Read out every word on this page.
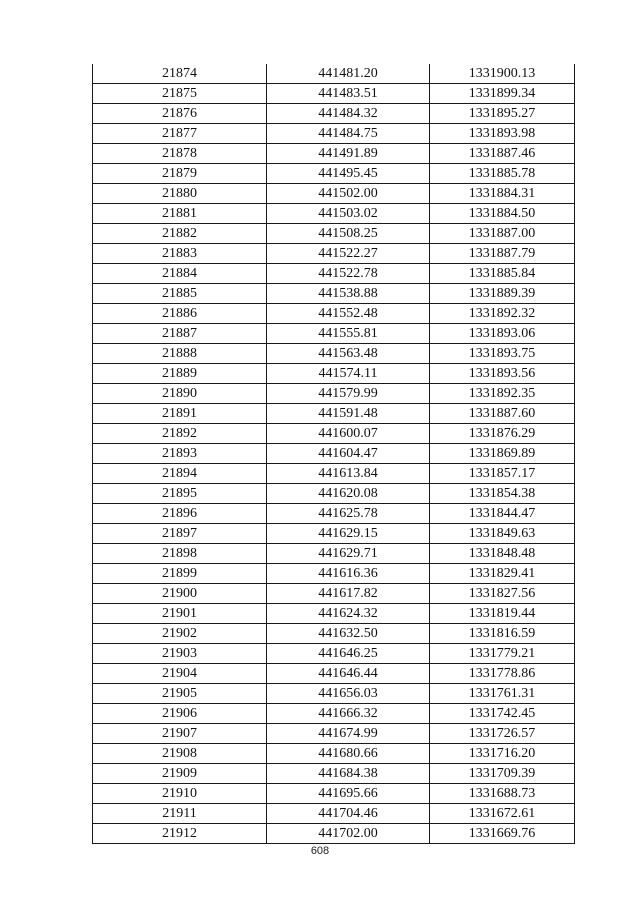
21874	441481.20	1331900.13
21875	441483.51	1331899.34
21876	441484.32	1331895.27
21877	441484.75	1331893.98
21878	441491.89	1331887.46
21879	441495.45	1331885.78
21880	441502.00	1331884.31
21881	441503.02	1331884.50
21882	441508.25	1331887.00
21883	441522.27	1331887.79
21884	441522.78	1331885.84
21885	441538.88	1331889.39
21886	441552.48	1331892.32
21887	441555.81	1331893.06
21888	441563.48	1331893.75
21889	441574.11	1331893.56
21890	441579.99	1331892.35
21891	441591.48	1331887.60
21892	441600.07	1331876.29
21893	441604.47	1331869.89
21894	441613.84	1331857.17
21895	441620.08	1331854.38
21896	441625.78	1331844.47
21897	441629.15	1331849.63
21898	441629.71	1331848.48
21899	441616.36	1331829.41
21900	441617.82	1331827.56
21901	441624.32	1331819.44
21902	441632.50	1331816.59
21903	441646.25	1331779.21
21904	441646.44	1331778.86
21905	441656.03	1331761.31
21906	441666.32	1331742.45
21907	441674.99	1331726.57
21908	441680.66	1331716.20
21909	441684.38	1331709.39
21910	441695.66	1331688.73
21911	441704.46	1331672.61
21912	441702.00	1331669.76
608
